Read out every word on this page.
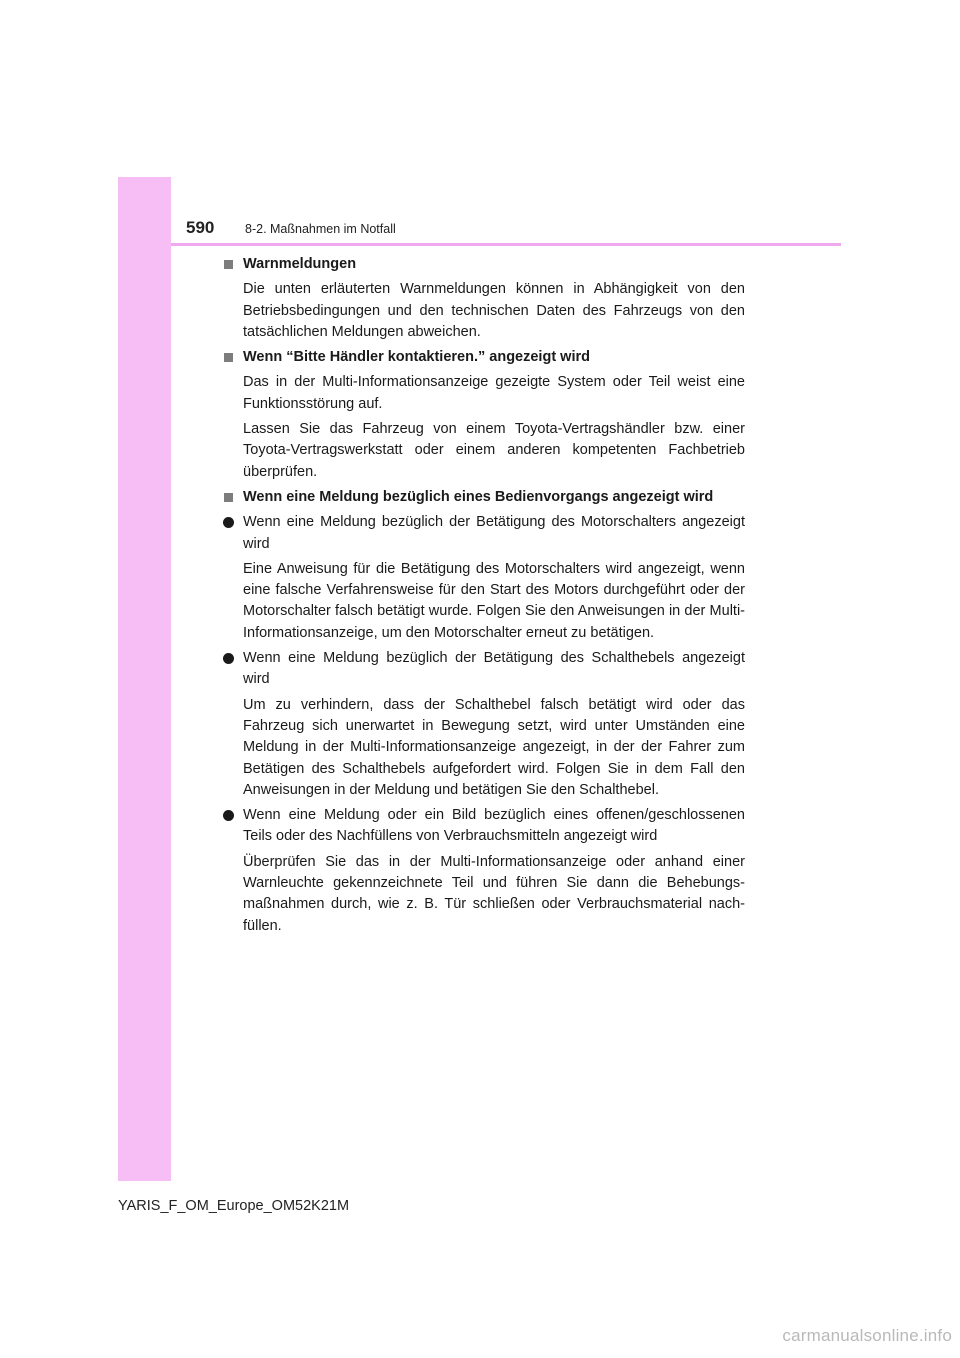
590 8-2. Maßnahmen im Notfall
Warnmeldungen

Die unten erläuterten Warnmeldungen können in Abhängigkeit von den Betriebsbedingungen und den technischen Daten des Fahrzeugs von den tatsächlichen Meldungen abweichen.

Wenn “Bitte Händler kontaktieren.” angezeigt wird

Das in der Multi-Informationsanzeige gezeigte System oder Teil weist eine Funktionsstörung auf.

Lassen Sie das Fahrzeug von einem Toyota-Vertragshändler bzw. einer Toyota-Vertragswerkstatt oder einem anderen kompetenten Fachbetrieb überprüfen.

Wenn eine Meldung bezüglich eines Bedienvorgangs angezeigt wird
Wenn eine Meldung bezüglich der Betätigung des Motorschalters angezeigt wird

Eine Anweisung für die Betätigung des Motorschalters wird angezeigt, wenn eine falsche Verfahrensweise für den Start des Motors durchgeführt oder der Motorschalter falsch betätigt wurde. Folgen Sie den Anweisungen in der Multi-Informationsanzeige, um den Motorschalter erneut zu betätigen.

Wenn eine Meldung bezüglich der Betätigung des Schalthebels angezeigt wird

Um zu verhindern, dass der Schalthebel falsch betätigt wird oder das Fahrzeug sich unerwartet in Bewegung setzt, wird unter Umständen eine Meldung in der Multi-Informationsanzeige angezeigt, in der der Fahrer zum Betätigen des Schalthebels aufgefordert wird. Folgen Sie in dem Fall den Anweisungen in der Meldung und betätigen Sie den Schalthebel.

Wenn eine Meldung oder ein Bild bezüglich eines offenen/geschlossenen Teils oder des Nachfüllens von Verbrauchsmitteln angezeigt wird

Überprüfen Sie das in der Multi-Informationsanzeige oder anhand einer Warnleuchte gekennzeichnete Teil und führen Sie dann die Behebungsmaßnahmen durch, wie z. B. Tür schließen oder Verbrauchsmaterial nachfüllen.

YARIS_F_OM_Europe_OM52K21M
carmanualsonline.info
